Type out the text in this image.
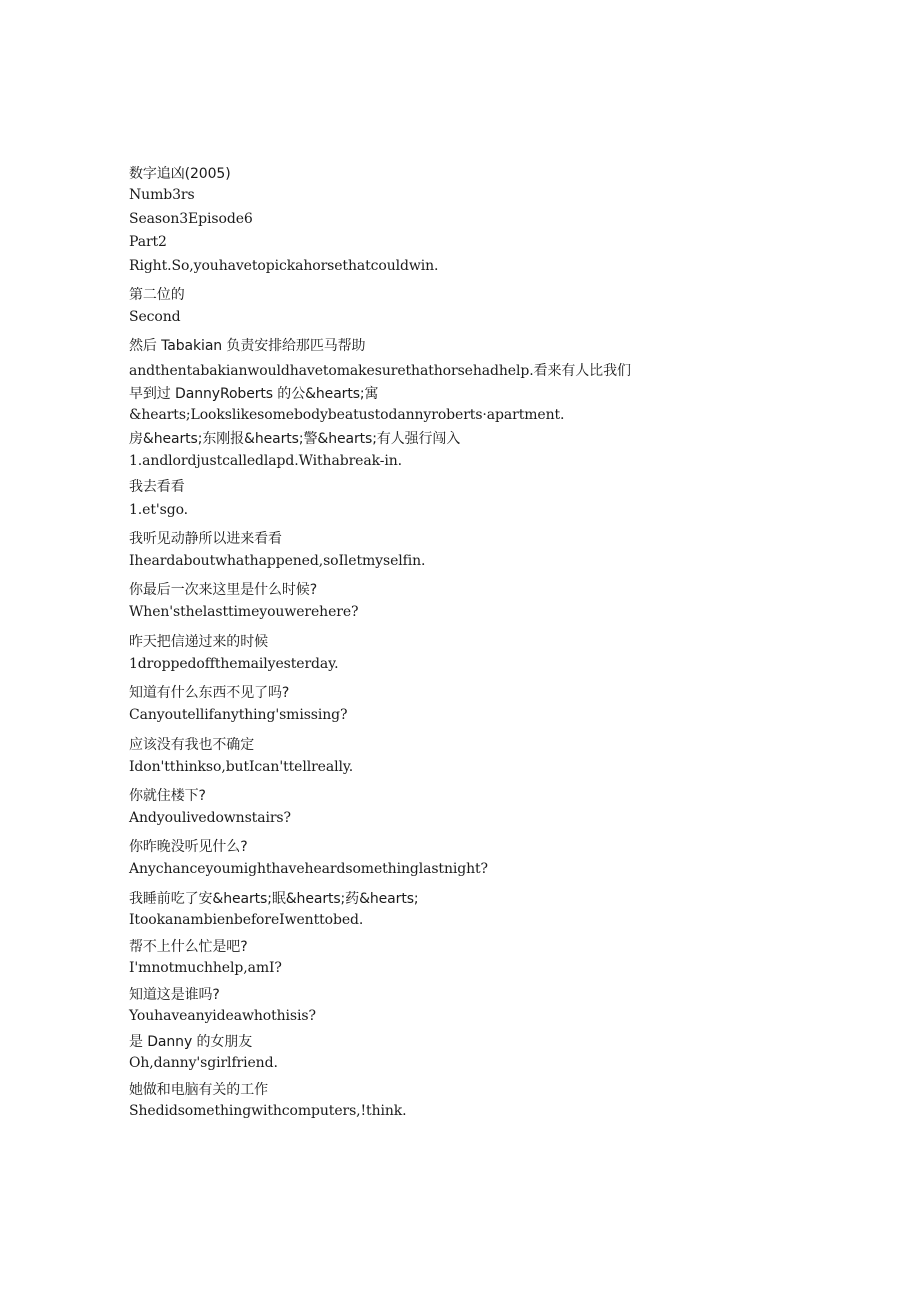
数字追凶(2005)
Numb3rs
Season3Episode6
Part2
Right.So,youhavetopickahorsethatcouldwin.
第二位的
Second
然后 Tabakian 负责安排给那匹马帮助
andthentabakianwouldhavetomakesurethathorsehadhelp.看来有人比我们
早到过 DannyRoberts 的公&hearts;寓
&hearts;Lookslikesomebodybeatustodannyroberts·apartment.
房&hearts;东刚报&hearts;警&hearts;有人强行闯入
1.andlordjustcalledlapd.Withabreak-in.
我去看看
1.et'sgo.
我听见动静所以进来看看
Iheardaboutwhathappened,soIletmyselfin.
你最后一次来这里是什么时候?
When'sthelasttimeyouwerehere?
昨天把信递过来的时候
1droppedoffthemailyesterday.
知道有什么东西不见了吗?
Canyoutellifanything'smissing?
应该没有我也不确定
Idon'tthinkso,butIcan'ttellreally.
你就住楼下?
Andyoulivedownstairs?
你昨晚没听见什么?
Anychanceyoumighthaveheardsomethinglastnight?
我睡前吃了安&hearts;眠&hearts;药&hearts;
ItookanambienbeforeIwenttobed.
帮不上什么忙是吧?
I'mnotmuchhelp,amI?
知道这是谁吗?
Youhaveanyideawhothisis?
是 Danny 的女朋友
Oh,danny'sgirlfriend.
她做和电脑有关的工作
Shedidsomethingwithcomputers,!think.
